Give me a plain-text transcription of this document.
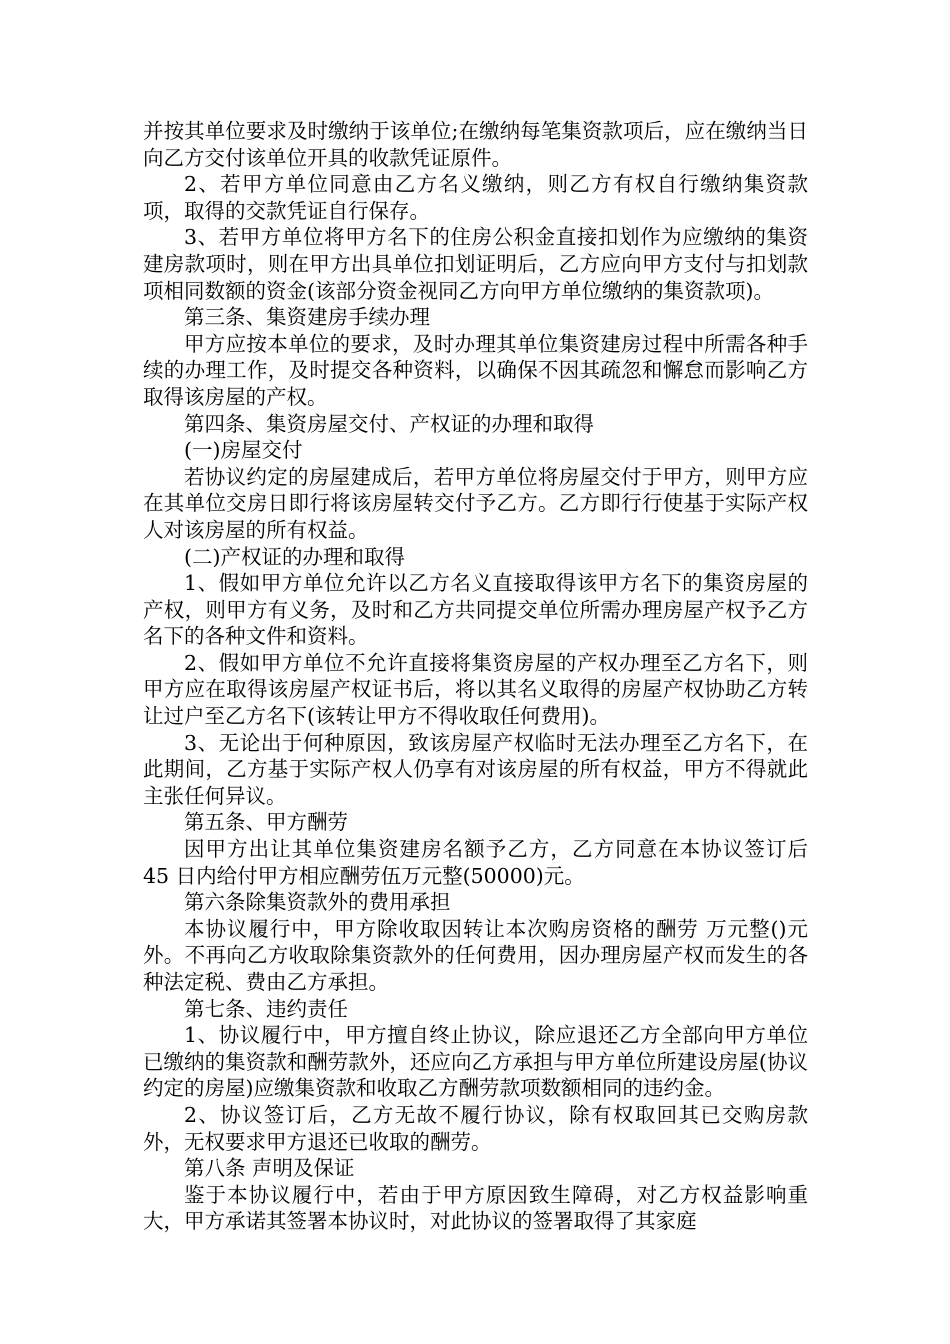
并按其单位要求及时缴纳于该单位;在缴纳每笔集资款项后，应在缴纳当日向乙方交付该单位开具的收款凭证原件。

2、若甲方单位同意由乙方名义缴纳，则乙方有权自行缴纳集资款项，取得的交款凭证自行保存。

3、若甲方单位将甲方名下的住房公积金直接扣划作为应缴纳的集资建房款项时，则在甲方出具单位扣划证明后，乙方应向甲方支付与扣划款项相同数额的资金(该部分资金视同乙方向甲方单位缴纳的集资款项)。

第三条、集资建房手续办理

甲方应按本单位的要求，及时办理其单位集资建房过程中所需各种手续的办理工作，及时提交各种资料，以确保不因其疏忽和懈怠而影响乙方取得该房屋的产权。

第四条、集资房屋交付、产权证的办理和取得

(一)房屋交付

若协议约定的房屋建成后，若甲方单位将房屋交付于甲方，则甲方应在其单位交房日即行将该房屋转交付予乙方。乙方即行行使基于实际产权人对该房屋的所有权益。

(二)产权证的办理和取得

1、假如甲方单位允许以乙方名义直接取得该甲方名下的集资房屋的产权，则甲方有义务，及时和乙方共同提交单位所需办理房屋产权予乙方名下的各种文件和资料。

2、假如甲方单位不允许直接将集资房屋的产权办理至乙方名下，则甲方应在取得该房屋产权证书后，将以其名义取得的房屋产权协助乙方转让过户至乙方名下(该转让甲方不得收取任何费用)。

3、无论出于何种原因，致该房屋产权临时无法办理至乙方名下，在此期间，乙方基于实际产权人仍享有对该房屋的所有权益，甲方不得就此主张任何异议。

第五条、甲方酬劳

因甲方出让其单位集资建房名额予乙方，乙方同意在本协议签订后 45 日内给付甲方相应酬劳伍万元整(50000)元。

第六条除集资款外的费用承担

本协议履行中，甲方除收取因转让本次购房资格的酬劳 万元整()元外。不再向乙方收取除集资款外的任何费用，因办理房屋产权而发生的各种法定税、费由乙方承担。

第七条、违约责任

1、协议履行中，甲方擅自终止协议，除应退还乙方全部向甲方单位已缴纳的集资款和酬劳款外，还应向乙方承担与甲方单位所建设房屋(协议约定的房屋)应缴集资款和收取乙方酬劳款项数额相同的违约金。

2、协议签订后，乙方无故不履行协议，除有权取回其已交购房款外，无权要求甲方退还已收取的酬劳。

第八条 声明及保证

鉴于本协议履行中，若由于甲方原因致生障碍，对乙方权益影响重大，甲方承诺其签署本协议时，对此协议的签署取得了其家庭
